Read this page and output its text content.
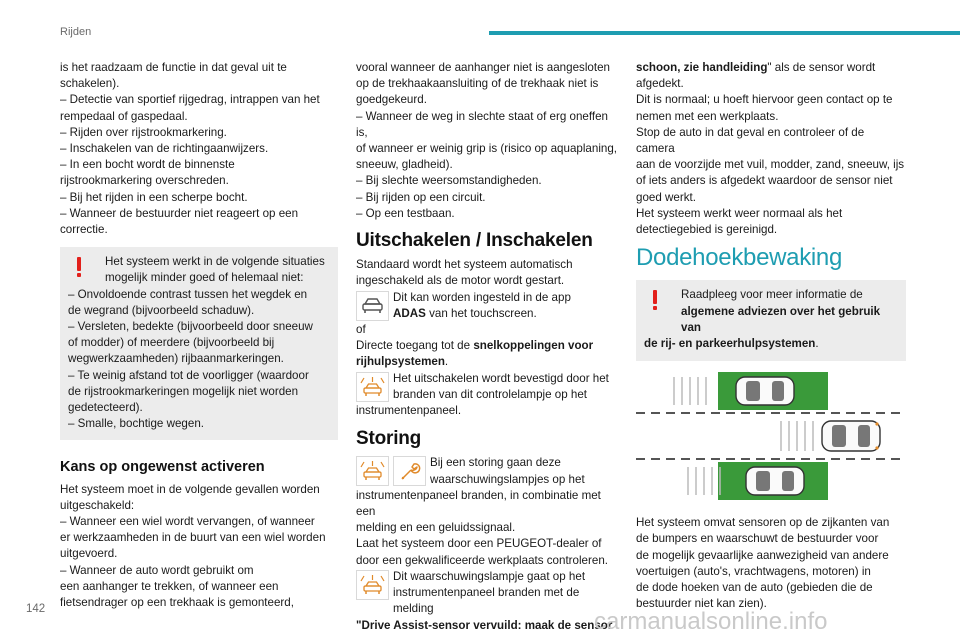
Rijden

is het raadzaam de functie in dat geval uit te

schakelen).

– Detectie van sportief rijgedrag, intrappen van het

rempedaal of gaspedaal.

– Rijden over rijstrookmarkering.

– Inschakelen van de richtingaanwijzers.

– In een bocht wordt de binnenste

rijstrookmarkering overschreden.

– Bij het rijden in een scherpe bocht.

– Wanneer de bestuurder niet reageert op een

correctie.

Het systeem werkt in de volgende situaties

mogelijk minder goed of helemaal niet:

– Onvoldoende contrast tussen het wegdek en

de wegrand (bijvoorbeeld schaduw).

– Versleten, bedekte (bijvoorbeeld door sneeuw

of modder) of meerdere (bijvoorbeeld bij

wegwerkzaamheden) rijbaanmarkeringen.

– Te weinig afstand tot de voorligger (waardoor

de rijstrookmarkeringen mogelijk niet worden

gedetecteerd).

– Smalle, bochtige wegen.

Kans op ongewenst activeren

Het systeem moet in de volgende gevallen worden

uitgeschakeld:

– Wanneer een wiel wordt vervangen, of wanneer

er werkzaamheden in de buurt van een wiel worden

uitgevoerd.

– Wanneer de auto wordt gebruikt om

een aanhanger te trekken, of wanneer een

fietsendrager op een trekhaak is gemonteerd,

vooral wanneer de aanhanger niet is aangesloten

op de trekhaakaansluiting of de trekhaak niet is

goedgekeurd.

– Wanneer de weg in slechte staat of erg oneffen is,

of wanneer er weinig grip is (risico op aquaplaning,

sneeuw, gladheid).

– Bij slechte weersomstandigheden.

– Bij rijden op een circuit.

– Op een testbaan.

Uitschakelen / Inschakelen

Standaard wordt het systeem automatisch

ingeschakeld als de motor wordt gestart.

Dit kan worden ingesteld in de app

ADAS van het touchscreen.

of

Directe toegang tot de snelkoppelingen voor

rijhulpsystemen.

Het uitschakelen wordt bevestigd door het

branden van dit controlelampje op het

instrumentenpaneel.

Storing

Bij een storing gaan deze

waarschuwingslampjes op het

instrumentenpaneel branden, in combinatie met een

melding en een geluidssignaal.

Laat het systeem door een PEUGEOT-dealer of

door een gekwalificeerde werkplaats controleren.

Dit waarschuwingslampje gaat op het

instrumentenpaneel branden met de melding

"Drive Assist-sensor vervuild: maak de sensor

schoon, zie handleiding" als de sensor wordt

afgedekt.

Dit is normaal; u hoeft hiervoor geen contact op te

nemen met een werkplaats.

Stop de auto in dat geval en controleer of de camera

aan de voorzijde met vuil, modder, zand, sneeuw, ijs

of iets anders is afgedekt waardoor de sensor niet

goed werkt.

Het systeem werkt weer normaal als het

detectiegebied is gereinigd.

Dodehoekbewaking

Raadpleeg voor meer informatie de

algemene adviezen over het gebruik van

de rij- en parkeerhulpsystemen.

Het systeem omvat sensoren op de zijkanten van

de bumpers en waarschuwt de bestuurder voor

de mogelijk gevaarlijke aanwezigheid van andere

voertuigen (auto's, vrachtwagens, motoren) in

de dode hoeken van de auto (gebieden die de

bestuurder niet kan zien).

142	carmanualsonline.info
